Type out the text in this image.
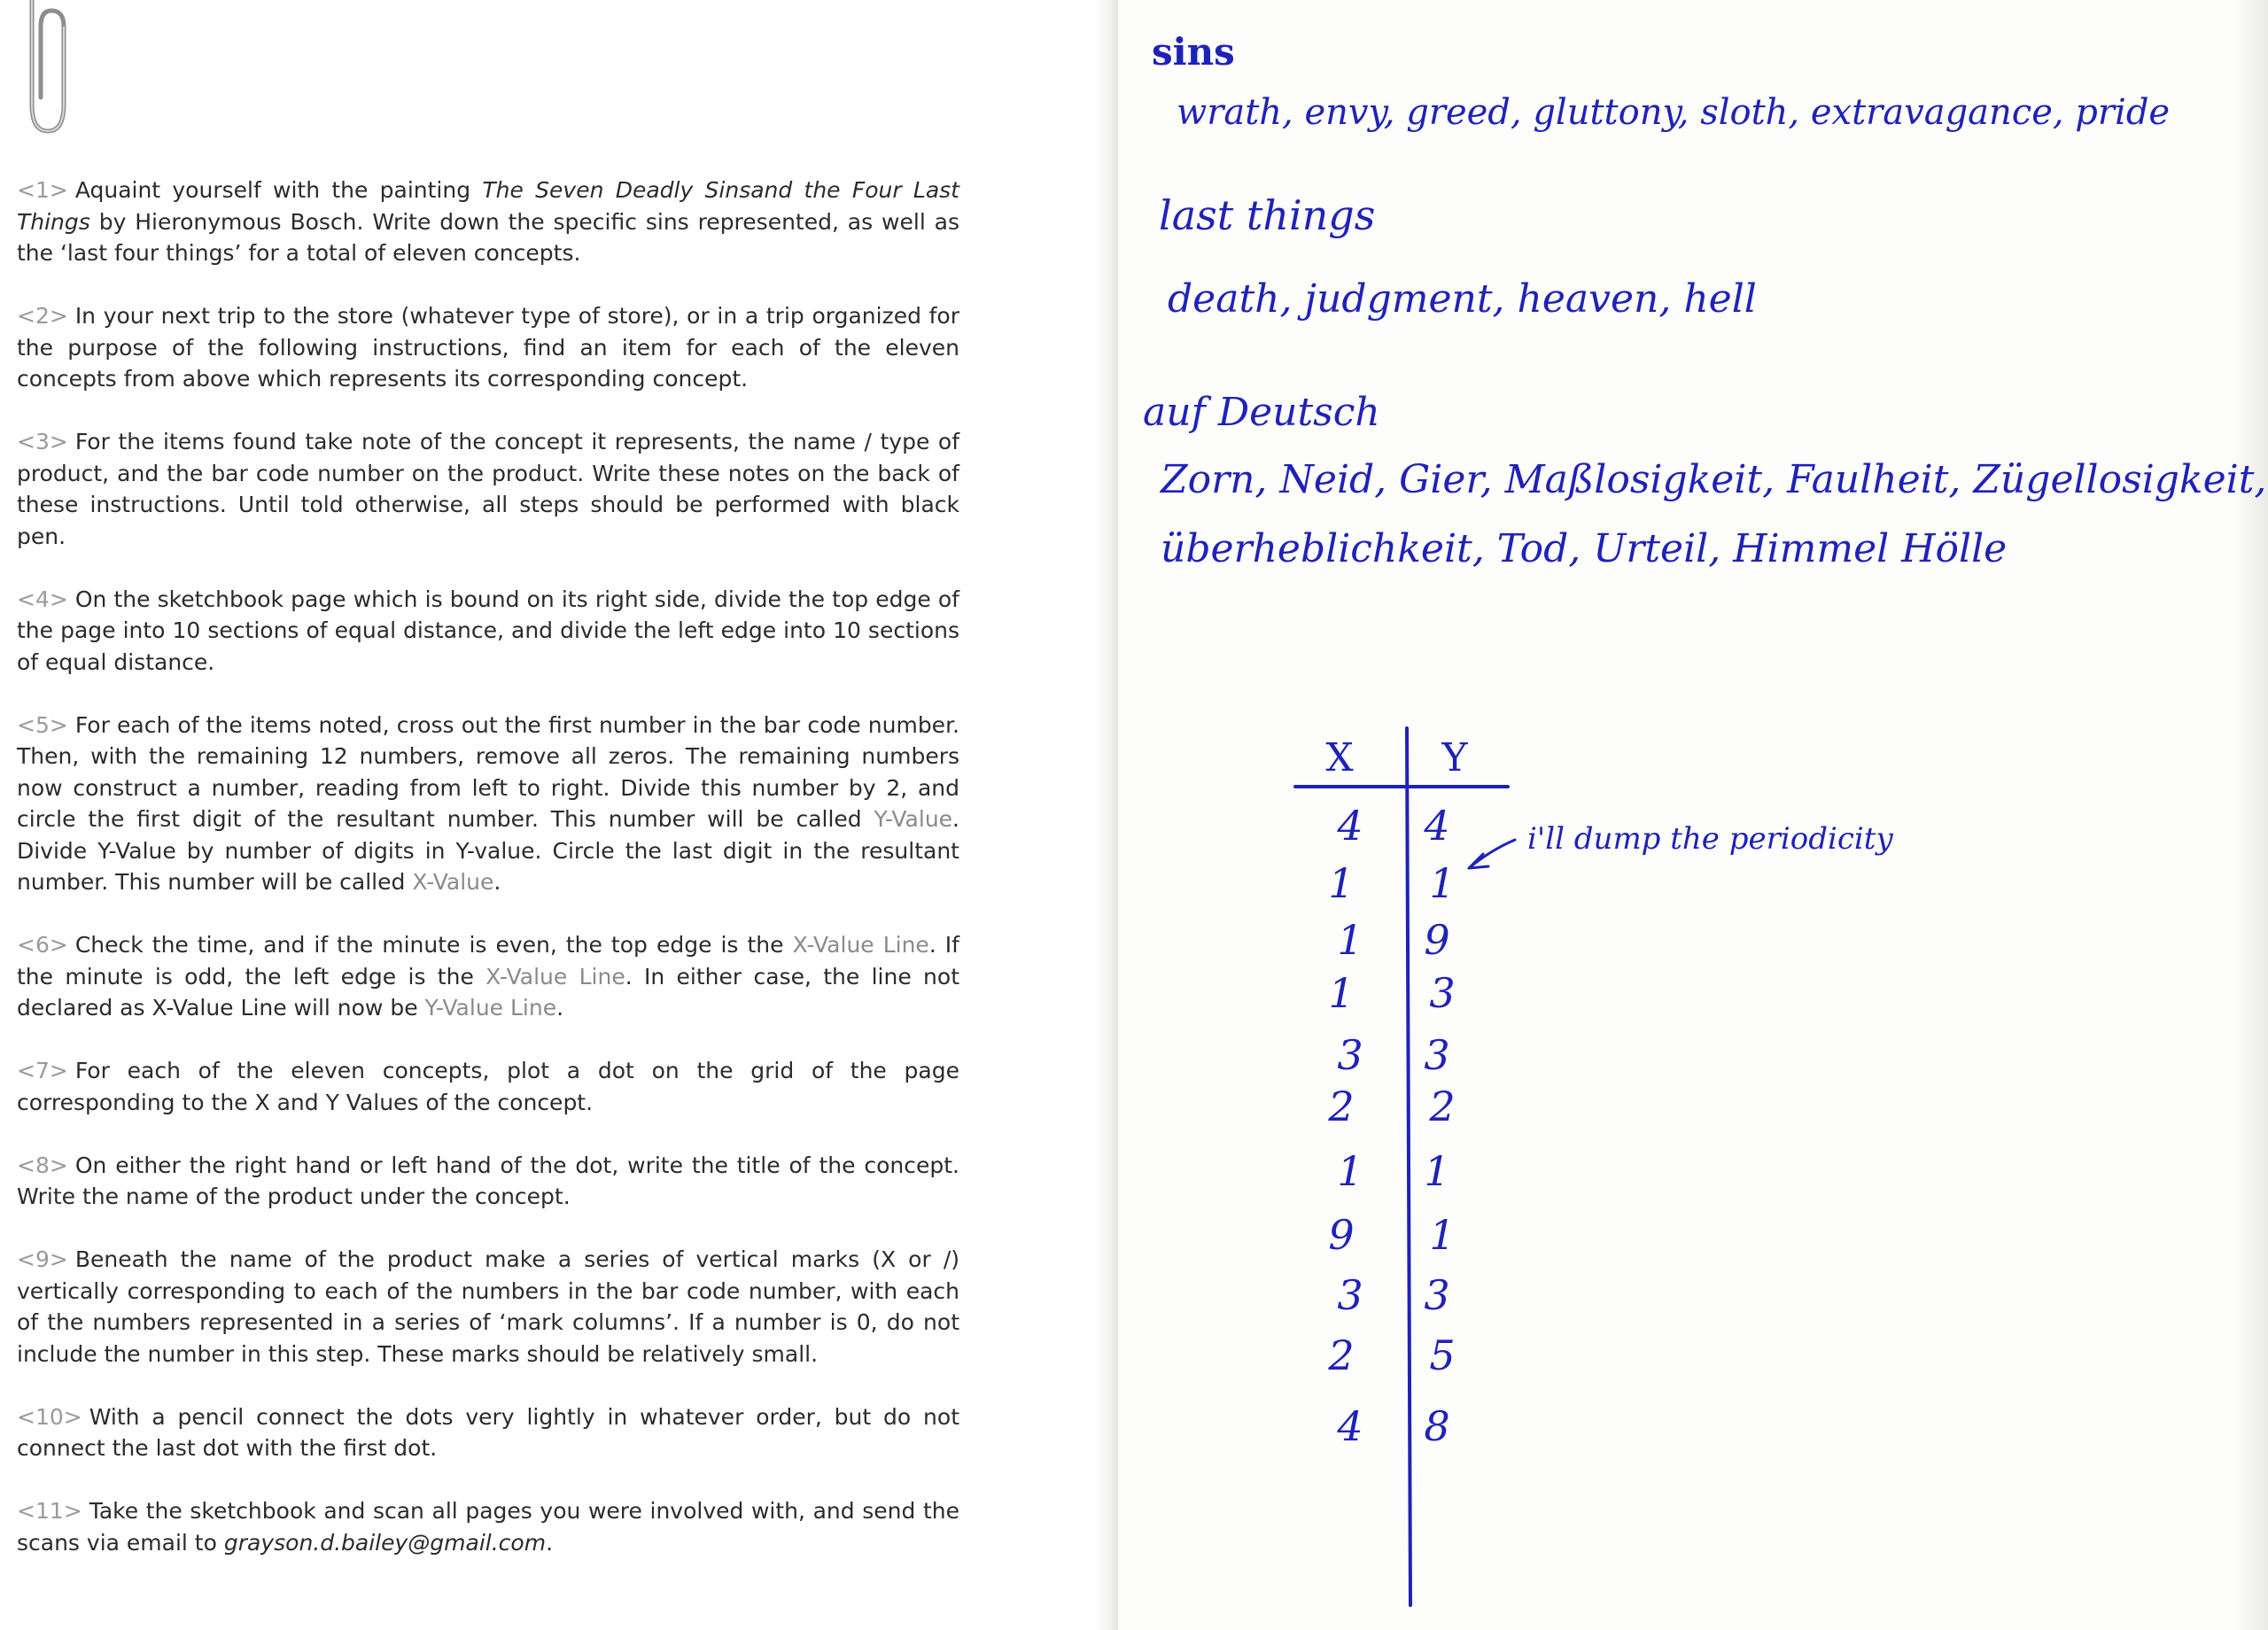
<1> Aquaint yourself with the painting The Seven Deadly Sinsand the Four Last Things by Hieronymous Bosch. Write down the specific sins represented, as well as the ‘last four things’ for a total of eleven concepts.

<2> In your next trip to the store (whatever type of store), or in a trip organized for the purpose of the following instructions, find an item for each of the eleven concepts from above which represents its corresponding concept.

<3> For the items found take note of the concept it represents, the name / type of product, and the bar code number on the product. Write these notes on the back of these instructions. Until told otherwise, all steps should be performed with black pen.

<4> On the sketchbook page which is bound on its right side, divide the top edge of the page into 10 sections of equal distance, and divide the left edge into 10 sections of equal distance.

<5> For each of the items noted, cross out the first number in the bar code number. Then, with the remaining 12 numbers, remove all zeros. The remaining numbers now construct a number, reading from left to right. Divide this number by 2, and circle the first digit of the resultant number. This number will be called Y-Value. Divide Y-Value by number of digits in Y-value. Circle the last digit in the resultant number. This number will be called X-Value.

<6> Check the time, and if the minute is even, the top edge is the X-Value Line. If the minute is odd, the left edge is the X-Value Line. In either case, the line not declared as X-Value Line will now be Y-Value Line.

<7> For each of the eleven concepts, plot a dot on the grid of the page corresponding to the X and Y Values of the concept.

<8> On either the right hand or left hand of the dot, write the title of the concept. Write the name of the product under the concept.

<9> Beneath the name of the product make a series of vertical marks (X or /) vertically corresponding to each of the numbers in the bar code number, with each of the numbers represented in a series of ‘mark columns’. If a number is 0, do not include the number in this step. These marks should be relatively small.

<10> With a pencil connect the dots very lightly in whatever order, but do not connect the last dot with the first dot.

<11> Take the sketchbook and scan all pages you were involved with, and send the scans via email to grayson.d.bailey@gmail.com.

sins
wrath, envy, greed, gluttony, sloth, extravagance, pride
last things
death, judgment, heaven, hell
auf Deutsch
Zorn, Neid, Gier, Maßlosigkeit, Faulheit, Zügellosigkeit,
überheblichkeit, Tod, Urteil, Himmel Hölle
X Y
4 4
1 1
1 9
1 3
3 3
2 2
1 1
9 1
3 3
2 5
4 8
i'll dump the periodicity
